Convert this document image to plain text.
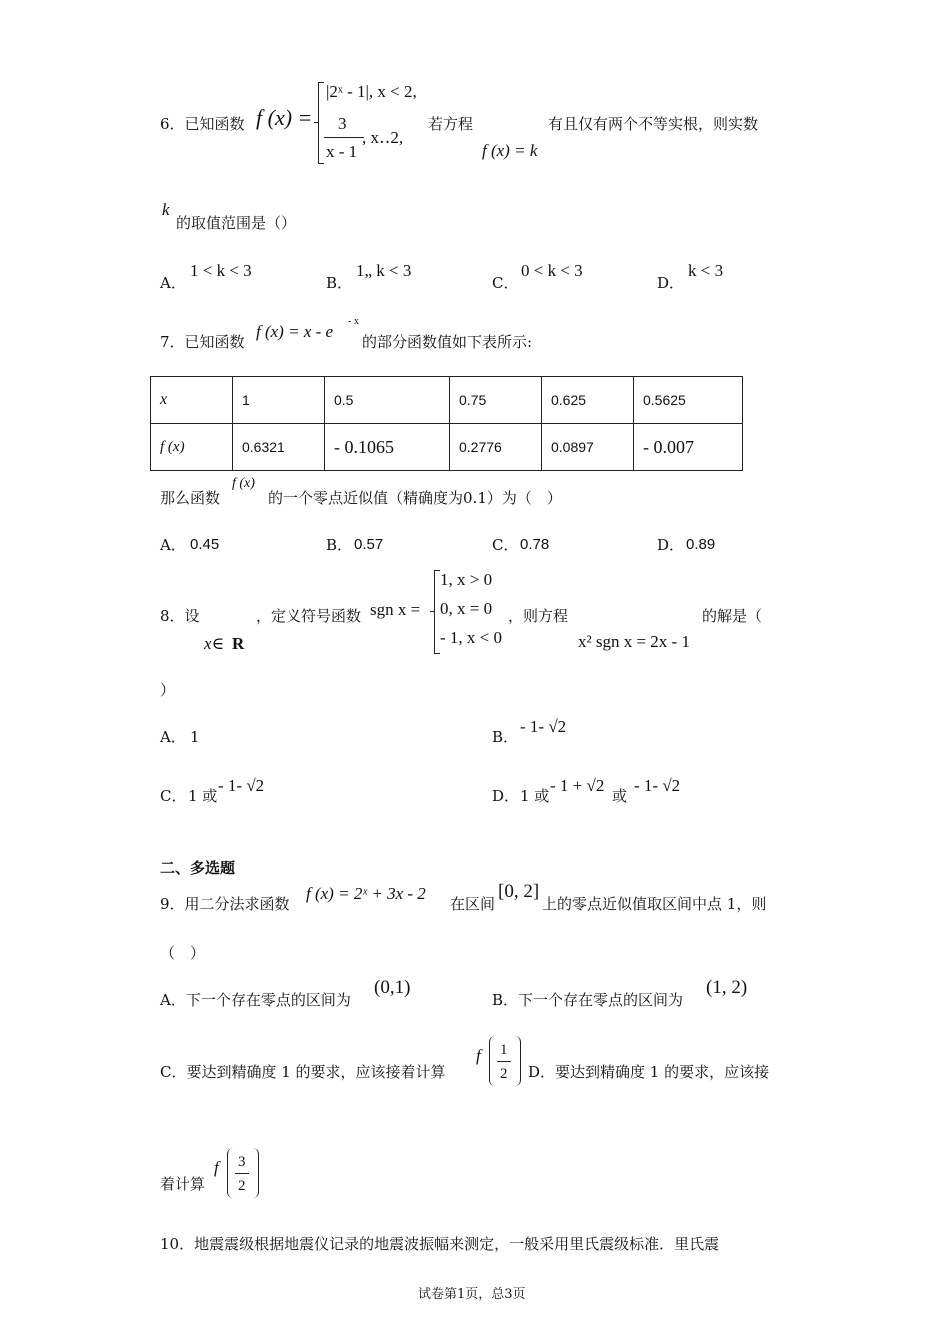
6．已知函数 f (x) =
|2ˣ - 1|, x < 2,
3
x - 1
, x‥2,
若方程
f (x) = k
有且仅有两个不等实根，则实数
k
的取值范围是（）
A．
1 < k < 3
B．
1„ k < 3
C．
0 < k < 3
D．
k < 3
7．已知函数
f (x) = x - e
- x
的部分函数值如下表所示:
x	1	0.5	0.75	0.625	0.5625
f (x)	0.6321	- 0.1065	0.2776	0.0897	- 0.007
那么函数
f (x)
的一个零点近似值（精确度为0.1）为（　）
A． 0.45	B． 0.57	C． 0.78	D． 0.89
8．设
x∈ R
，定义符号函数 sgn x =
1, x > 0
0, x = 0
- 1, x < 0
，则方程
x² sgn x = 2x - 1
的解是（
）
A． 1	B．
- 1- √2
C． 1 或
- 1- √2
D． 1 或
- 1 + √2
或
- 1- √2
二、多选题
9．用二分法求函数
f (x) = 2ˣ + 3x - 2
在区间
[0, 2]
上的零点近似值取区间中点 1，则
（　）
A．下一个存在零点的区间为
(0,1)
B．下一个存在零点的区间为
(1, 2)
C．要达到精确度 1 的要求，应该接着计算
f 1
2 D．要达到精确度 1 的要求，应该接
着计算
f 3
2
10．地震震级根据地震仪记录的地震波振幅来测定，一般采用里氏震级标准．里氏震
试卷第1页，总3页
